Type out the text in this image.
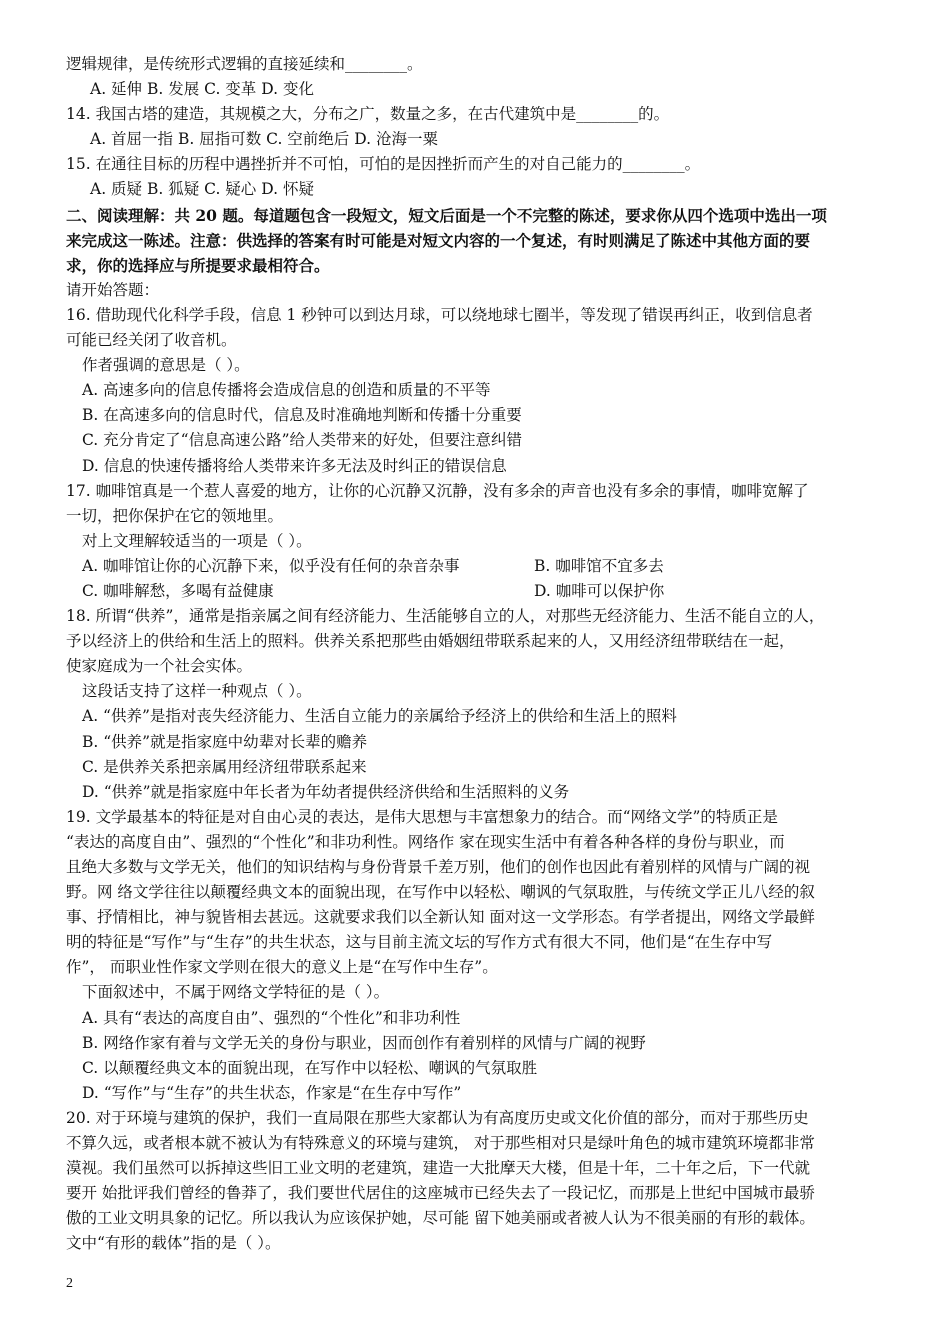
逻辑规律，是传统形式逻辑的直接延续和________。
A. 延伸 B. 发展 C. 变革 D. 变化
14. 我国古塔的建造，其规模之大，分布之广，数量之多，在古代建筑中是________的。
A. 首屈一指 B. 屈指可数 C. 空前绝后 D. 沧海一粟
15. 在通往目标的历程中遇挫折并不可怕，可怕的是因挫折而产生的对自己能力的________。
A. 质疑 B. 狐疑 C. 疑心 D. 怀疑
二、阅读理解：共 20 题。每道题包含一段短文，短文后面是一个不完整的陈述，要求你从四个选项中选出一项
来完成这一陈述。注意：供选择的答案有时可能是对短文内容的一个复述，有时则满足了陈述中其他方面的要
求，你的选择应与所提要求最相符合。
请开始答题：
16. 借助现代化科学手段，信息 1 秒钟可以到达月球，可以绕地球七圈半，等发现了错误再纠正，收到信息者
可能已经关闭了收音机。
作者强调的意思是（ ）。
A. 高速多向的信息传播将会造成信息的创造和质量的不平等
B. 在高速多向的信息时代，信息及时准确地判断和传播十分重要
C. 充分肯定了“信息高速公路”给人类带来的好处，但要注意纠错
D. 信息的快速传播将给人类带来许多无法及时纠正的错误信息
17. 咖啡馆真是一个惹人喜爱的地方，让你的心沉静又沉静，没有多余的声音也没有多余的事情，咖啡宽解了
一切，把你保护在它的领地里。
对上文理解较适当的一项是（ ）。
A. 咖啡馆让你的心沉静下来，似乎没有任何的杂音杂事	B. 咖啡馆不宜多去
C. 咖啡解愁，多喝有益健康	D. 咖啡可以保护你
18. 所谓“供养”，通常是指亲属之间有经济能力、生活能够自立的人，对那些无经济能力、生活不能自立的人，
予以经济上的供给和生活上的照料。供养关系把那些由婚姻纽带联系起来的人，又用经济纽带联结在一起，
使家庭成为一个社会实体。
这段话支持了这样一种观点（ ）。
A. “供养”是指对丧失经济能力、生活自立能力的亲属给予经济上的供给和生活上的照料
B. “供养”就是指家庭中幼辈对长辈的赡养
C. 是供养关系把亲属用经济纽带联系起来
D. “供养”就是指家庭中年长者为年幼者提供经济供给和生活照料的义务
19. 文学最基本的特征是对自由心灵的表达，是伟大思想与丰富想象力的结合。而“网络文学”的特质正是
“表达的高度自由”、强烈的“个性化”和非功利性。网络作 家在现实生活中有着各种各样的身份与职业，而
且绝大多数与文学无关，他们的知识结构与身份背景千差万别，他们的创作也因此有着别样的风情与广阔的视
野。网 络文学往往以颠覆经典文本的面貌出现，在写作中以轻松、嘲讽的气氛取胜，与传统文学正儿八经的叙
事、抒情相比，神与貌皆相去甚远。这就要求我们以全新认知 面对这一文学形态。有学者提出，网络文学最鲜
明的特征是“写作”与“生存”的共生状态，这与目前主流文坛的写作方式有很大不同，他们是“在生存中写
作”， 而职业性作家文学则在很大的意义上是“在写作中生存”。
下面叙述中，不属于网络文学特征的是（ ）。
A. 具有“表达的高度自由”、强烈的“个性化”和非功利性
B. 网络作家有着与文学无关的身份与职业，因而创作有着别样的风情与广阔的视野
C. 以颠覆经典文本的面貌出现，在写作中以轻松、嘲讽的气氛取胜
D. “写作”与“生存”的共生状态，作家是“在生存中写作”
20. 对于环境与建筑的保护，我们一直局限在那些大家都认为有高度历史或文化价值的部分，而对于那些历史
不算久远，或者根本就不被认为有特殊意义的环境与建筑， 对于那些相对只是绿叶角色的城市建筑环境都非常
漠视。我们虽然可以拆掉这些旧工业文明的老建筑，建造一大批摩天大楼，但是十年，二十年之后，下一代就
要开 始批评我们曾经的鲁莽了，我们要世代居住的这座城市已经失去了一段记忆，而那是上世纪中国城市最骄
傲的工业文明具象的记忆。所以我认为应该保护她，尽可能 留下她美丽或者被人认为不很美丽的有形的载体。
文中“有形的载体”指的是（ ）。
2
